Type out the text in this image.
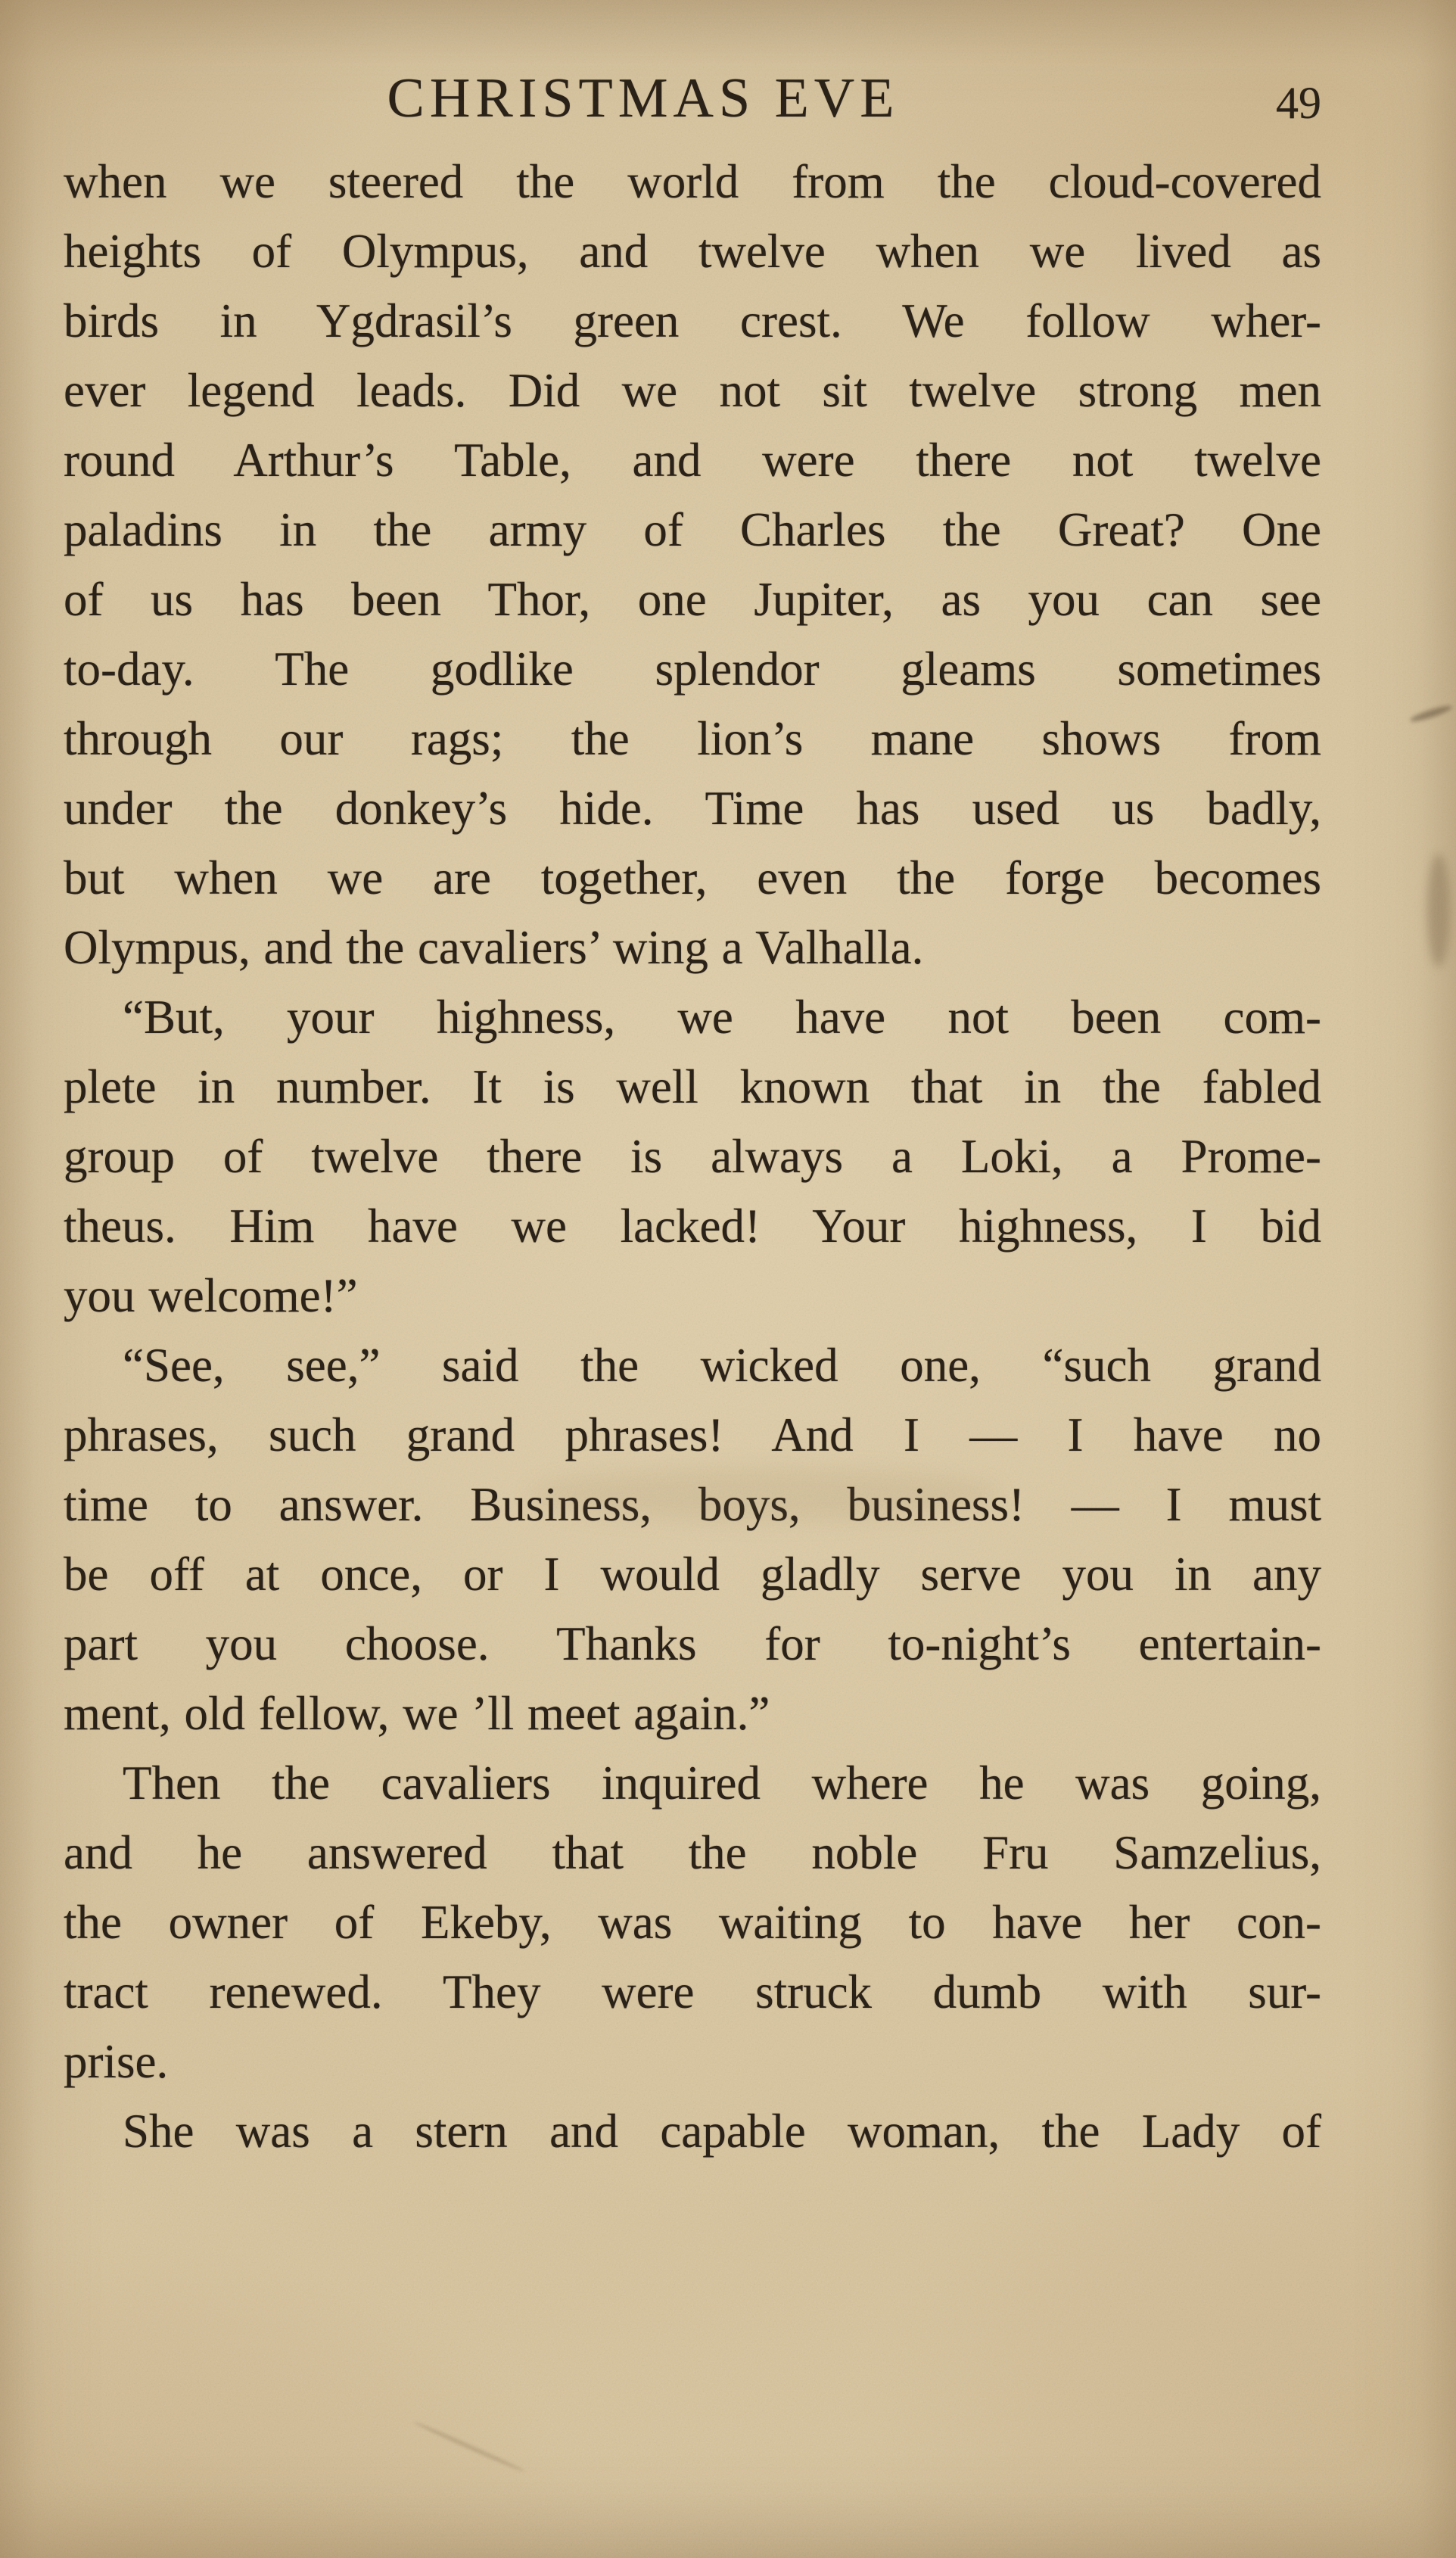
CHRISTMAS EVE	49
when we steered the world from the cloud-covered
heights of Olympus, and twelve when we lived as
birds in Ygdrasil’s green crest. We follow wher-
ever legend leads. Did we not sit twelve strong men
round Arthur’s Table, and were there not twelve
paladins in the army of Charles the Great? One
of us has been Thor, one Jupiter, as you can see
to-day. The godlike splendor gleams sometimes
through our rags; the lion’s mane shows from
under the donkey’s hide. Time has used us badly,
but when we are together, even the forge becomes
Olympus, and the cavaliers’ wing a Valhalla.
“But, your highness, we have not been com-
plete in number. It is well known that in the fabled
group of twelve there is always a Loki, a Prome-
theus. Him have we lacked! Your highness, I bid
you welcome!”
“See, see,” said the wicked one, “such grand
phrases, such grand phrases! And I — I have no
time to answer. Business, boys, business! — I must
be off at once, or I would gladly serve you in any
part you choose. Thanks for to-night’s entertain-
ment, old fellow, we ’ll meet again.”
Then the cavaliers inquired where he was going,
and he answered that the noble Fru Samzelius,
the owner of Ekeby, was waiting to have her con-
tract renewed. They were struck dumb with sur-
prise.
She was a stern and capable woman, the Lady of
